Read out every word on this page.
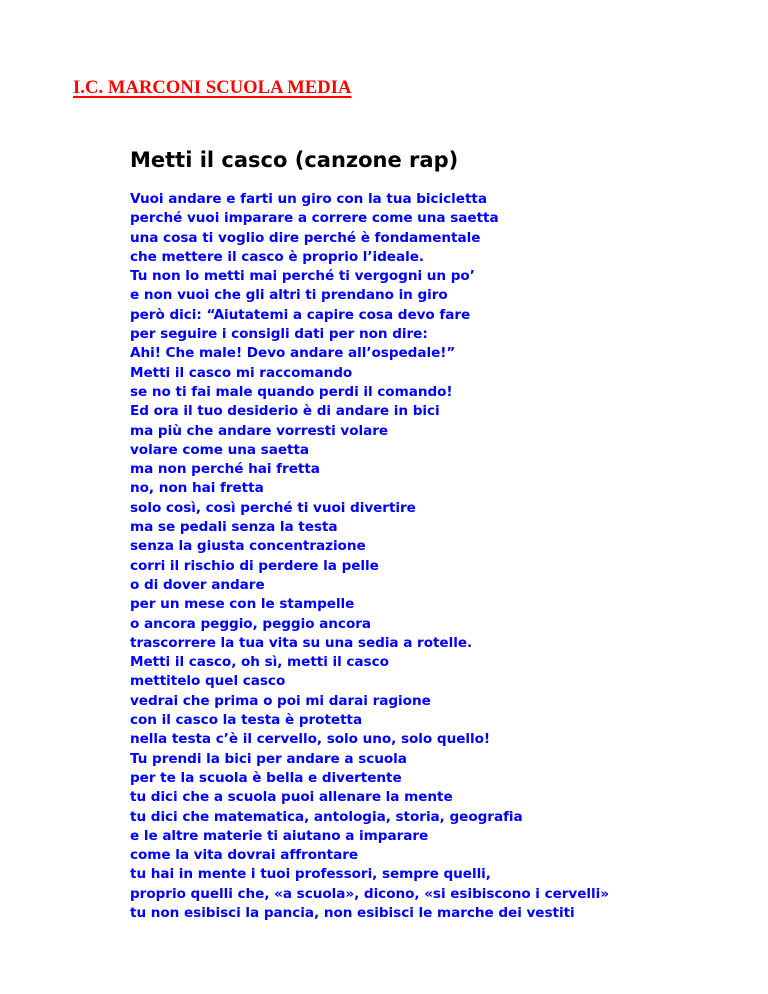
I.C. MARCONI SCUOLA MEDIA

Metti il casco (canzone rap)
Vuoi andare e farti un giro con la tua bicicletta
perché vuoi imparare a correre come una saetta
una cosa ti voglio dire perché è fondamentale
che mettere il casco è proprio l’ideale.
Tu non lo metti mai perché ti vergogni un po’
e non vuoi che gli altri ti prendano in giro
però dici: “Aiutatemi a capire cosa devo fare
per seguire i consigli dati per non dire:
Ahi! Che male! Devo andare all’ospedale!”
Metti il casco mi raccomando
se no ti fai male quando perdi il comando!
Ed ora il tuo desiderio è di andare in bici
ma più che andare vorresti volare
volare come una saetta
ma non perché hai fretta
no, non hai fretta
solo così, così perché ti vuoi divertire
ma se pedali senza la testa
senza la giusta concentrazione
corri il rischio di perdere la pelle
o di dover andare
per un mese con le stampelle
o ancora peggio, peggio ancora
trascorrere la tua vita su una sedia a rotelle.
Metti il casco, oh sì, metti il casco
mettitelo quel casco
vedrai che prima o poi mi darai ragione
con il casco la testa è protetta
nella testa c’è il cervello, solo uno, solo quello!
Tu prendi la bici per andare a scuola
per te la scuola è bella e divertente
tu dici che a scuola puoi allenare la mente
tu dici che matematica, antologia, storia, geografia
e le altre materie ti aiutano a imparare
come la vita dovrai affrontare
tu hai in mente i tuoi professori, sempre quelli,
proprio quelli che, «a scuola», dicono, «si esibiscono i cervelli»
tu non esibisci la pancia, non esibisci le marche dei vestiti
